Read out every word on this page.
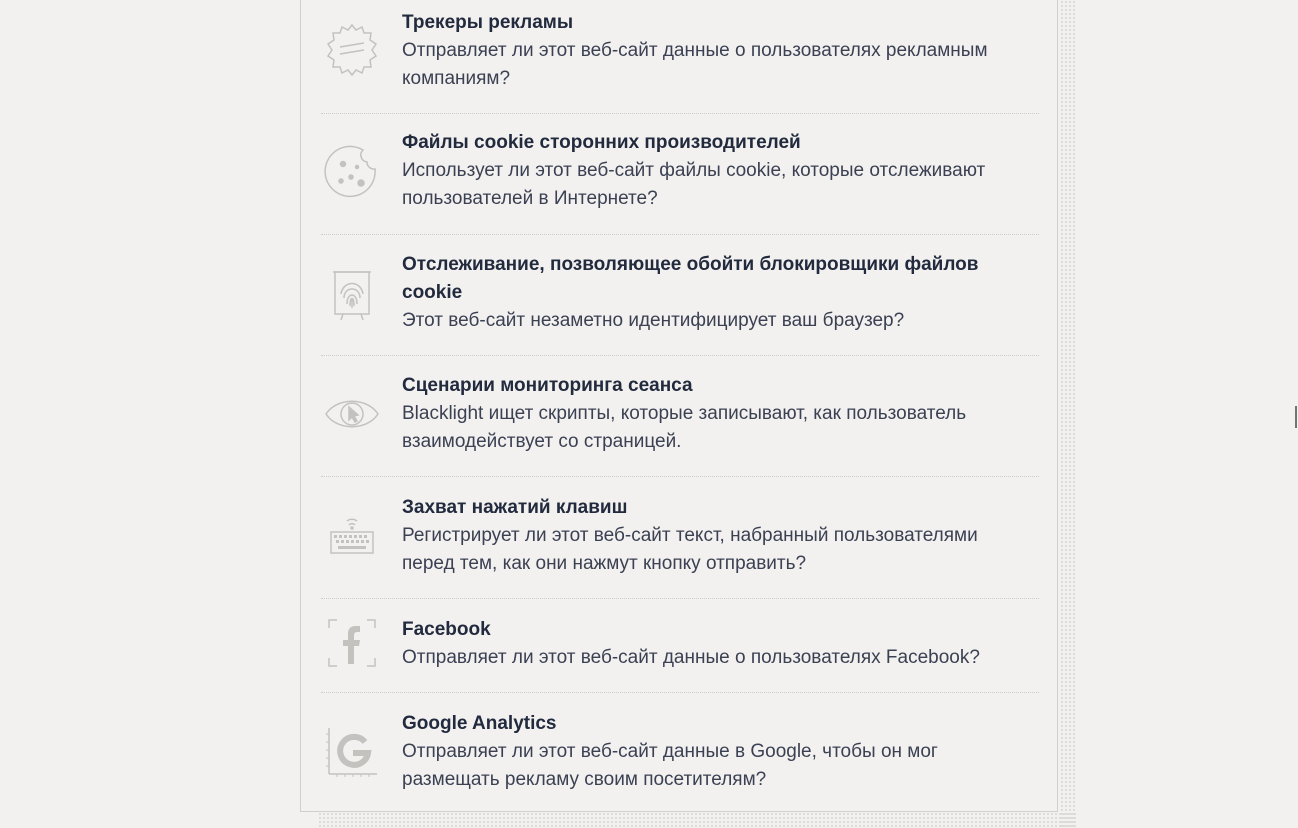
Трекеры рекламы
Отправляет ли этот веб-сайт данные о пользователях рекламным компаниям?
Файлы cookie сторонних производителей
Использует ли этот веб-сайт файлы cookie, которые отслеживают пользователей в Интернете?
Отслеживание, позволяющее обойти блокировщики файлов cookie
Этот веб-сайт незаметно идентифицирует ваш браузер?
Сценарии мониторинга сеанса
Blacklight ищет скрипты, которые записывают, как пользователь взаимодействует со страницей.
Захват нажатий клавиш
Регистрирует ли этот веб-сайт текст, набранный пользователями перед тем, как они нажмут кнопку отправить?
Facebook
Отправляет ли этот веб-сайт данные о пользователях Facebook?
Google Analytics
Отправляет ли этот веб-сайт данные в Google, чтобы он мог размещать рекламу своим посетителям?
